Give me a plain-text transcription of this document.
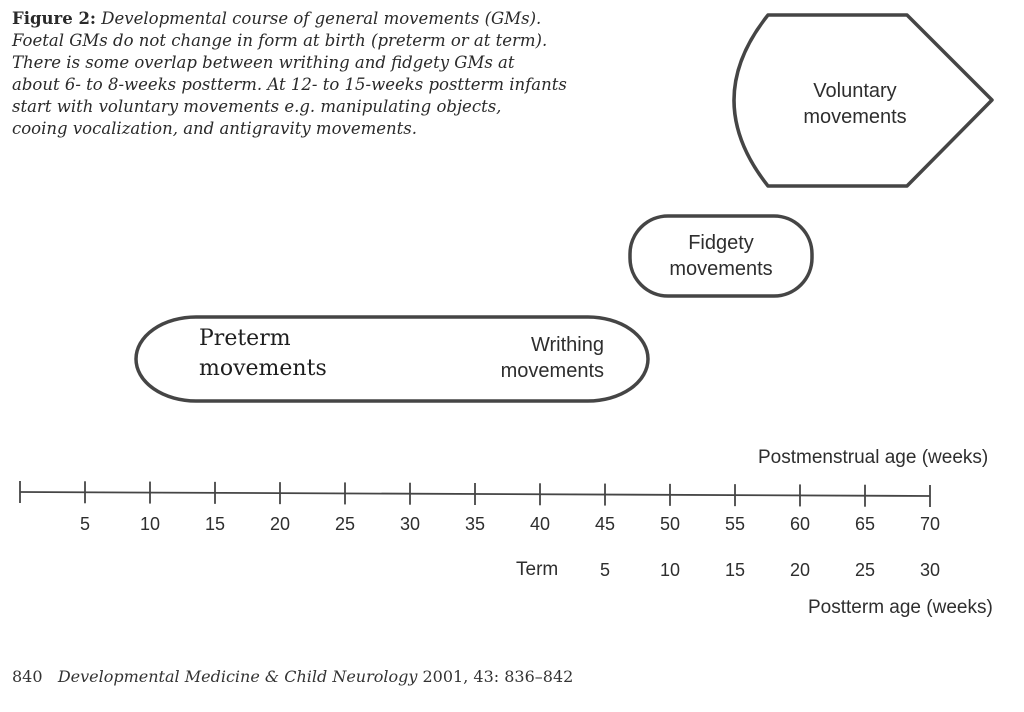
Figure 2: Developmental course of general movements (GMs).
Foetal GMs do not change in form at birth (preterm or at term).
There is some overlap between writhing and fidgety GMs at
about 6- to 8-weeks postterm. At 12- to 15-weeks postterm infants
start with voluntary movements e.g. manipulating objects,
cooing vocalization, and antigravity movements.
Voluntary
movements
Fidgety
movements
Preterm
movements
Writhing
movements
Postmenstrual age (weeks)
5	10	15	20	25	30	35	40	45	50	55	60	65	70
Term	5	10	15	20	25	30
Postterm age (weeks)
840 Developmental Medicine & Child Neurology 2001, 43: 836–842
